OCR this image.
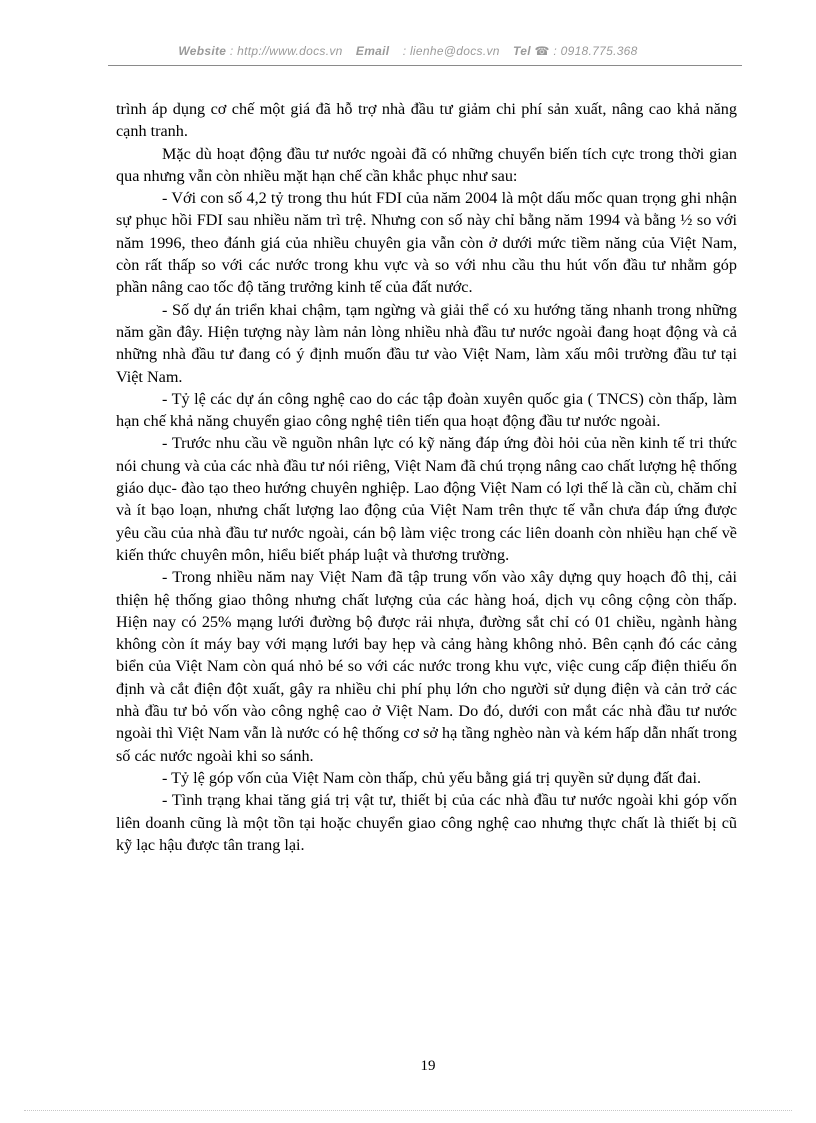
Website : http://www.docs.vn Email : lienhe@docs.vn Tel ☎ : 0918.775.368

trình áp dụng cơ chế một giá đã hỗ trợ nhà đầu tư giảm chi phí sản xuất, nâng cao khả năng cạnh tranh.

Mặc dù hoạt động đầu tư nước ngoài đã có những chuyển biến tích cực trong thời gian qua nhưng vẫn còn nhiều mặt hạn chế cần khắc phục như sau:

- Với con số 4,2 tỷ trong thu hút FDI của năm 2004 là một dấu mốc quan trọng ghi nhận sự phục hồi FDI sau nhiều năm trì trệ. Nhưng con số này chỉ bằng năm 1994 và bằng ½ so với năm 1996, theo đánh giá của nhiều chuyên gia vẫn còn ở dưới mức tiềm năng của Việt Nam, còn rất thấp so với các nước trong khu vực và so với nhu cầu thu hút vốn đầu tư nhằm góp phần nâng cao tốc độ tăng trưởng kinh tế của đất nước.

- Số dự án triển khai chậm, tạm ngừng và giải thể có xu hướng tăng nhanh trong những năm gần đây. Hiện tượng này làm nản lòng nhiều nhà đầu tư nước ngoài đang hoạt động và cả những nhà đầu tư đang có ý định muốn đầu tư vào Việt Nam, làm xấu môi trường đầu tư tại Việt Nam.

- Tỷ lệ các dự án công nghệ cao do các tập đoàn xuyên quốc gia ( TNCS) còn thấp, làm hạn chế khả năng chuyển giao công nghệ tiên tiến qua hoạt động đầu tư nước ngoài.

- Trước nhu cầu về nguồn nhân lực có kỹ năng đáp ứng đòi hỏi của nền kinh tế tri thức nói chung và của các nhà đầu tư nói riêng, Việt Nam đã chú trọng nâng cao chất lượng hệ thống giáo dục- đào tạo theo hướng chuyên nghiệp. Lao động Việt Nam có lợi thế là cần cù, chăm chỉ và ít bạo loạn, nhưng chất lượng lao động của Việt Nam trên thực tế vẫn chưa đáp ứng được yêu cầu của nhà đầu tư nước ngoài, cán bộ làm việc trong các liên doanh còn nhiều hạn chế về kiến thức chuyên môn, hiểu biết pháp luật và thương trường.

- Trong nhiều năm nay Việt Nam đã tập trung vốn vào xây dựng quy hoạch đô thị, cải thiện hệ thống giao thông nhưng chất lượng của các hàng hoá, dịch vụ công cộng còn thấp. Hiện nay có 25% mạng lưới đường bộ được rải nhựa, đường sắt chỉ có 01 chiều, ngành hàng không còn ít máy bay với mạng lưới bay hẹp và cảng hàng không nhỏ. Bên cạnh đó các cảng biển của Việt Nam còn quá nhỏ bé so với các nước trong khu vực, việc cung cấp điện thiếu ổn định và cắt điện đột xuất, gây ra nhiều chi phí phụ lớn cho người sử dụng điện và cản trở các nhà đầu tư bỏ vốn vào công nghệ cao ở Việt Nam. Do đó, dưới con mắt các nhà đầu tư nước ngoài thì Việt Nam vẫn là nước có hệ thống cơ sở hạ tầng nghèo nàn và kém hấp dẫn nhất trong số các nước ngoài khi so sánh.

- Tỷ lệ góp vốn của Việt Nam còn thấp, chủ yếu bằng giá trị quyền sử dụng đất đai.

- Tình trạng khai tăng giá trị vật tư, thiết bị của các nhà đầu tư nước ngoài khi góp vốn liên doanh cũng là một tồn tại hoặc chuyển giao công nghệ cao nhưng thực chất là thiết bị cũ kỹ lạc hậu được tân trang lại.

19
